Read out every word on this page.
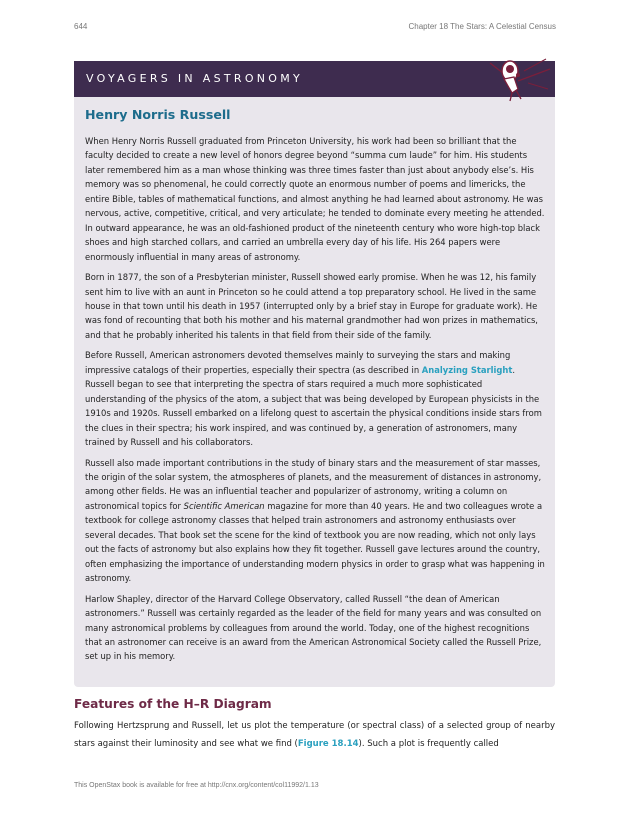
644	Chapter 18 The Stars: A Celestial Census
VOYAGERS IN ASTRONOMY
Henry Norris Russell

When Henry Norris Russell graduated from Princeton University, his work had been so brilliant that the faculty decided to create a new level of honors degree beyond “summa cum laude” for him. His students later remembered him as a man whose thinking was three times faster than just about anybody else’s. His memory was so phenomenal, he could correctly quote an enormous number of poems and limericks, the entire Bible, tables of mathematical functions, and almost anything he had learned about astronomy. He was nervous, active, competitive, critical, and very articulate; he tended to dominate every meeting he attended. In outward appearance, he was an old-fashioned product of the nineteenth century who wore high-top black shoes and high starched collars, and carried an umbrella every day of his life. His 264 papers were enormously influential in many areas of astronomy.

Born in 1877, the son of a Presbyterian minister, Russell showed early promise. When he was 12, his family sent him to live with an aunt in Princeton so he could attend a top preparatory school. He lived in the same house in that town until his death in 1957 (interrupted only by a brief stay in Europe for graduate work). He was fond of recounting that both his mother and his maternal grandmother had won prizes in mathematics, and that he probably inherited his talents in that field from their side of the family.

Before Russell, American astronomers devoted themselves mainly to surveying the stars and making impressive catalogs of their properties, especially their spectra (as described in Analyzing Starlight. Russell began to see that interpreting the spectra of stars required a much more sophisticated understanding of the physics of the atom, a subject that was being developed by European physicists in the 1910s and 1920s. Russell embarked on a lifelong quest to ascertain the physical conditions inside stars from the clues in their spectra; his work inspired, and was continued by, a generation of astronomers, many trained by Russell and his collaborators.

Russell also made important contributions in the study of binary stars and the measurement of star masses, the origin of the solar system, the atmospheres of planets, and the measurement of distances in astronomy, among other fields. He was an influential teacher and popularizer of astronomy, writing a column on astronomical topics for Scientific American magazine for more than 40 years. He and two colleagues wrote a textbook for college astronomy classes that helped train astronomers and astronomy enthusiasts over several decades. That book set the scene for the kind of textbook you are now reading, which not only lays out the facts of astronomy but also explains how they fit together. Russell gave lectures around the country, often emphasizing the importance of understanding modern physics in order to grasp what was happening in astronomy.

Harlow Shapley, director of the Harvard College Observatory, called Russell “the dean of American astronomers.” Russell was certainly regarded as the leader of the field for many years and was consulted on many astronomical problems by colleagues from around the world. Today, one of the highest recognitions that an astronomer can receive is an award from the American Astronomical Society called the Russell Prize, set up in his memory.

Features of the H–R Diagram

Following Hertzsprung and Russell, let us plot the temperature (or spectral class) of a selected group of nearby stars against their luminosity and see what we find (Figure 18.14). Such a plot is frequently called

This OpenStax book is available for free at http://cnx.org/content/col11992/1.13
